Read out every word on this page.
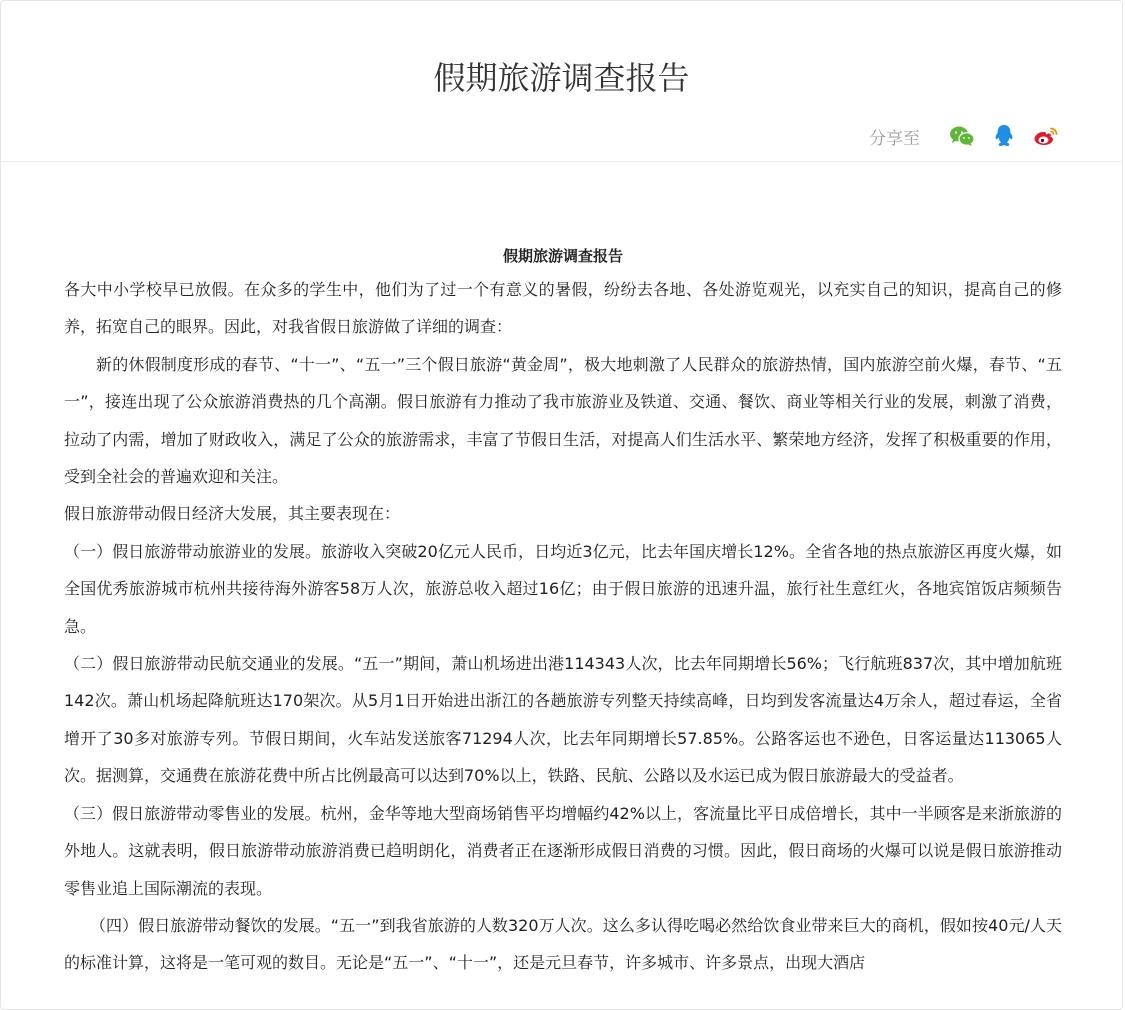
假期旅游调查报告
分享至
假期旅游调查报告

各大中小学校早已放假。在众多的学生中，他们为了过一个有意义的暑假，纷纷去各地、各处游览观光，以充实自己的知识，提高自己的修养，拓宽自己的眼界。因此，对我省假日旅游做了详细的调查：

新的休假制度形成的春节、“十一”、“五一”三个假日旅游“黄金周”，极大地刺激了人民群众的旅游热情，国内旅游空前火爆，春节、“五一”，接连出现了公众旅游消费热的几个高潮。假日旅游有力推动了我市旅游业及铁道、交通、餐饮、商业等相关行业的发展，刺激了消费，拉动了内需，增加了财政收入，满足了公众的旅游需求，丰富了节假日生活，对提高人们生活水平、繁荣地方经济，发挥了积极重要的作用，受到全社会的普遍欢迎和关注。

假日旅游带动假日经济大发展，其主要表现在：

（一）假日旅游带动旅游业的发展。旅游收入突破20亿元人民币，日均近3亿元，比去年国庆增长12%。全省各地的热点旅游区再度火爆，如全国优秀旅游城市杭州共接待海外游客58万人次，旅游总收入超过16亿；由于假日旅游的迅速升温，旅行社生意红火，各地宾馆饭店频频告急。

（二）假日旅游带动民航交通业的发展。“五一”期间，萧山机场进出港114343人次，比去年同期增长56%；飞行航班837次，其中增加航班142次。萧山机场起降航班达170架次。从5月1日开始进出浙江的各趟旅游专列整天持续高峰，日均到发客流量达4万余人，超过春运，全省增开了30多对旅游专列。节假日期间，火车站发送旅客71294人次，比去年同期增长57.85%。公路客运也不逊色，日客运量达113065人次。据测算，交通费在旅游花费中所占比例最高可以达到70%以上，铁路、民航、公路以及水运已成为假日旅游最大的受益者。

（三）假日旅游带动零售业的发展。杭州，金华等地大型商场销售平均增幅约42%以上，客流量比平日成倍增长，其中一半顾客是来浙旅游的外地人。这就表明，假日旅游带动旅游消费已趋明朗化，消费者正在逐渐形成假日消费的习惯。因此，假日商场的火爆可以说是假日旅游推动零售业追上国际潮流的表现。

（四）假日旅游带动餐饮的发展。“五一”到我省旅游的人数320万人次。这么多认得吃喝必然给饮食业带来巨大的商机，假如按40元/人天的标准计算，这将是一笔可观的数目。无论是“五一”、“十一”，还是元旦春节，许多城市、许多景点，出现大酒店
